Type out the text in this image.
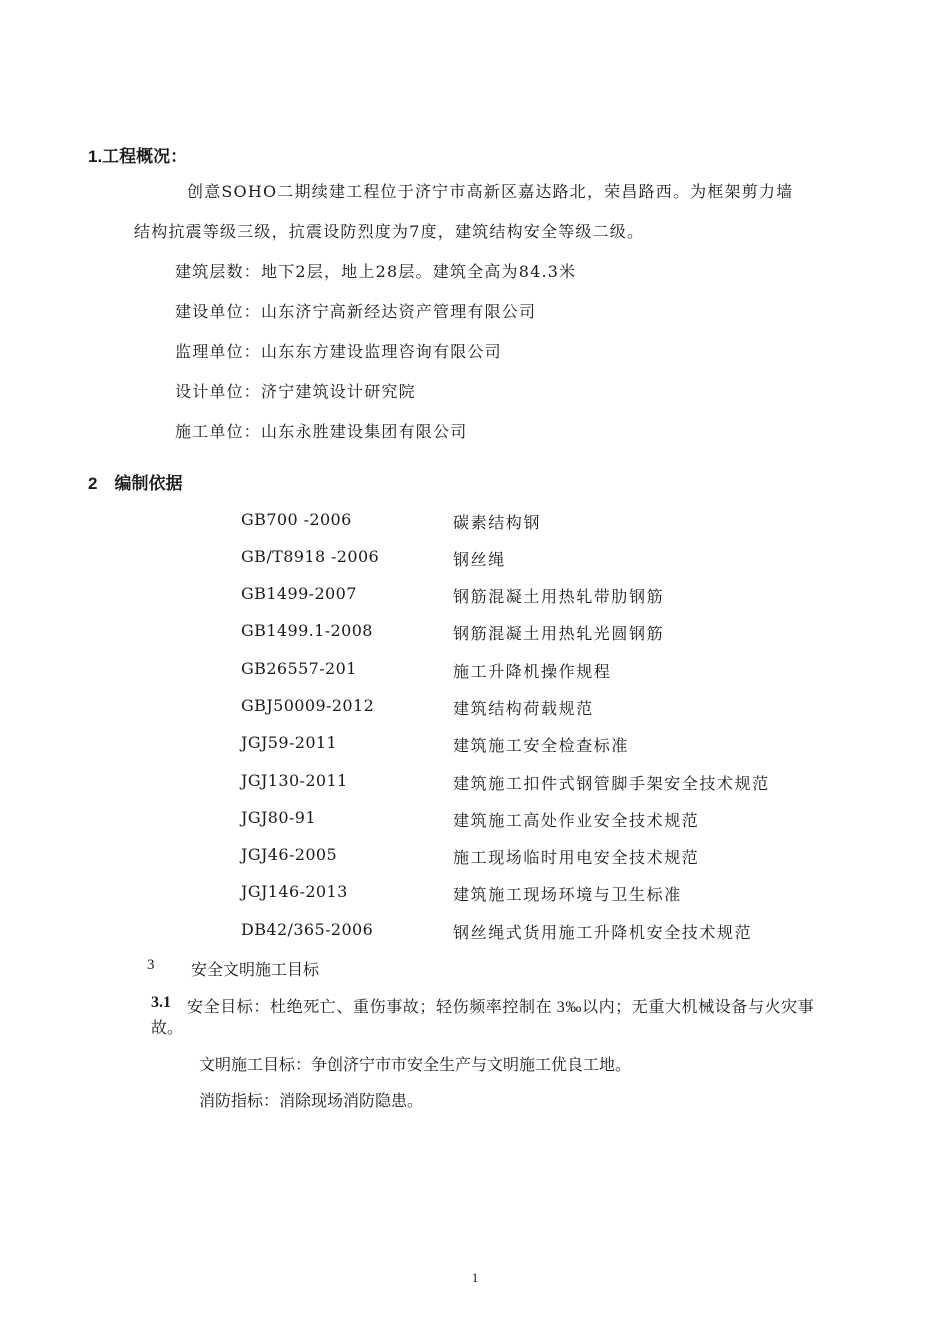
1.工程概况：
创意SOHO二期续建工程位于济宁市高新区嘉达路北，荣昌路西。为框架剪力墙
结构抗震等级三级，抗震设防烈度为7度，建筑结构安全等级二级。
建筑层数：地下2层，地上28层。建筑全高为84.3米
建设单位：山东济宁高新经达资产管理有限公司
监理单位：山东东方建设监理咨询有限公司
设计单位：济宁建筑设计研究院
施工单位：山东永胜建设集团有限公司
2　编制依据
GB700 -2006	碳素结构钢
GB/T8918 -2006	钢丝绳
GB1499-2007	钢筋混凝土用热轧带肋钢筋
GB1499.1-2008	钢筋混凝土用热轧光圆钢筋
GB26557-201	施工升降机操作规程
GBJ50009-2012	建筑结构荷载规范
JGJ59-2011	建筑施工安全检查标准
JGJ130-2011	建筑施工扣件式钢管脚手架安全技术规范
JGJ80-91	建筑施工高处作业安全技术规范
JGJ46-2005	施工现场临时用电安全技术规范
JGJ146-2013	建筑施工现场环境与卫生标准
DB42/365-2006	钢丝绳式货用施工升降机安全技术规范
3 安全文明施工目标
3.1 安全目标：杜绝死亡、重伤事故；轻伤频率控制在 3‰以内；无重大机械设备与火灾事
故。
文明施工目标：争创济宁市市安全生产与文明施工优良工地。
消防指标：消除现场消防隐患。
1
